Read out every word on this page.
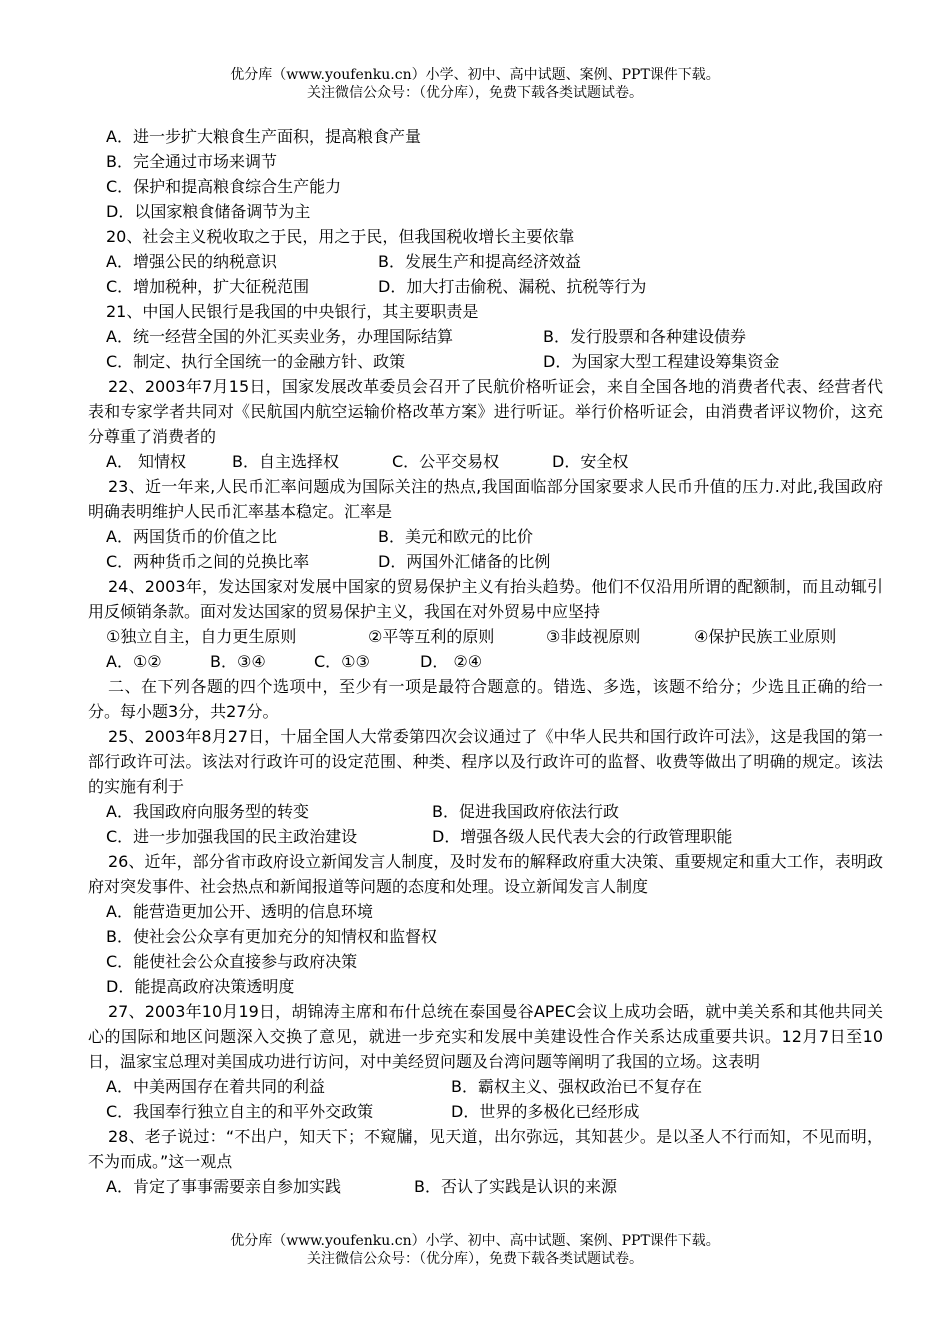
优分库（www.youfenku.cn）小学、初中、高中试题、案例、PPT课件下载。
关注微信公众号：（优分库），免费下载各类试题试卷。
A．进一步扩大粮食生产面积，提高粮食产量
B．完全通过市场来调节
C．保护和提高粮食综合生产能力
D．以国家粮食储备调节为主
20、社会主义税收取之于民，用之于民，但我国税收增长主要依靠
A．增强公民的纳税意识	B．发展生产和提高经济效益
C．增加税种，扩大征税范围	D．加大打击偷税、漏税、抗税等行为
21、中国人民银行是我国的中央银行，其主要职责是
A．统一经营全国的外汇买卖业务，办理国际结算	B．发行股票和各种建设债券
C．制定、执行全国统一的金融方针、政策	D．为国家大型工程建设筹集资金
22、2003年7月15日，国家发展改革委员会召开了民航价格听证会，来自全国各地的消费者代表、经营者代表和专家学者共同对《民航国内航空运输价格改革方案》进行听证。举行价格听证会，由消费者评议物价，这充分尊重了消费者的
A． 知情权	B．自主选择权	C．公平交易权	D．安全权
23、近一年来,人民币汇率问题成为国际关注的热点,我国面临部分国家要求人民币升值的压力.对此,我国政府明确表明维护人民币汇率基本稳定。汇率是
A．两国货币的价值之比	B．美元和欧元的比价
C．两种货币之间的兑换比率	D．两国外汇储备的比例
24、2003年，发达国家对发展中国家的贸易保护主义有抬头趋势。他们不仅沿用所谓的配额制，而且动辄引用反倾销条款。面对发达国家的贸易保护主义，我国在对外贸易中应坚持
①独立自主，自力更生原则	②平等互利的原则	③非歧视原则	④保护民族工业原则
A．①②	B．③④	C．①③	D． ②④
二、在下列各题的四个选项中，至少有一项是最符合题意的。错选、多选，该题不给分；少选且正确的给一分。每小题3分，共27分。
25、2003年8月27日，十届全国人大常委第四次会议通过了《中华人民共和国行政许可法》，这是我国的第一部行政许可法。该法对行政许可的设定范围、种类、程序以及行政许可的监督、收费等做出了明确的规定。该法的实施有利于
A．我国政府向服务型的转变	B．促进我国政府依法行政
C．进一步加强我国的民主政治建设	D．增强各级人民代表大会的行政管理职能
26、近年，部分省市政府设立新闻发言人制度，及时发布的解释政府重大决策、重要规定和重大工作，表明政府对突发事件、社会热点和新闻报道等问题的态度和处理。设立新闻发言人制度
A．能营造更加公开、透明的信息环境
B．使社会公众享有更加充分的知情权和监督权
C．能使社会公众直接参与政府决策
D．能提高政府决策透明度
27、2003年10月19日，胡锦涛主席和布什总统在泰国曼谷APEC会议上成功会晤，就中美关系和其他共同关心的国际和地区问题深入交换了意见，就进一步充实和发展中美建设性合作关系达成重要共识。12月7日至10日，温家宝总理对美国成功进行访问，对中美经贸问题及台湾问题等阐明了我国的立场。这表明
A．中美两国存在着共同的利益	B．霸权主义、强权政治已不复存在
C．我国奉行独立自主的和平外交政策	D．世界的多极化已经形成
28、老子说过：“不出户，知天下；不窥牖，见天道，出尔弥远，其知甚少。是以圣人不行而知，不见而明，不为而成。”这一观点
A．肯定了事事需要亲自参加实践	B．否认了实践是认识的来源
优分库（www.youfenku.cn）小学、初中、高中试题、案例、PPT课件下载。
关注微信公众号：（优分库），免费下载各类试题试卷。
